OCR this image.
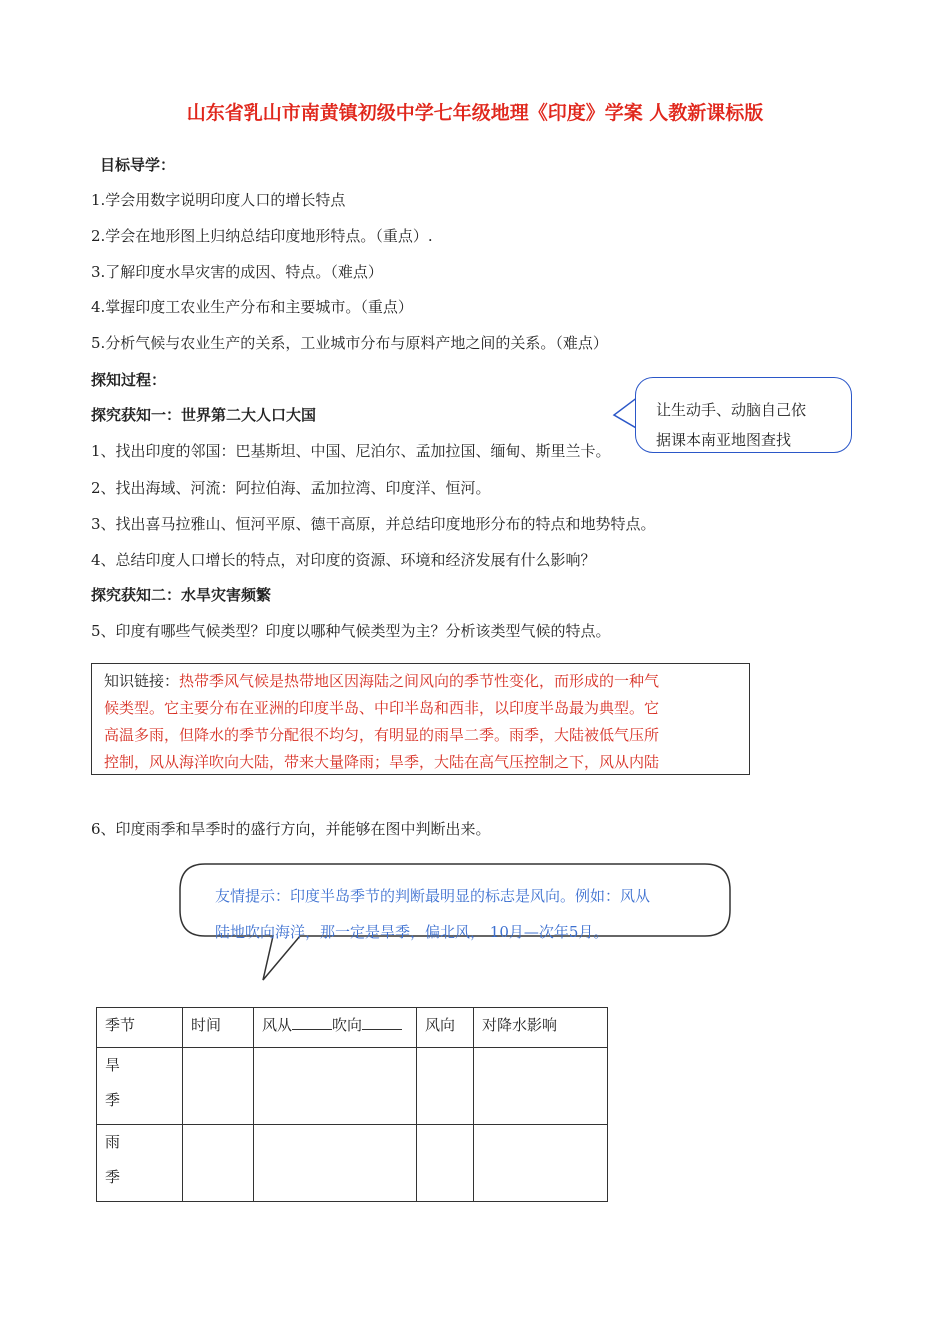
山东省乳山市南黄镇初级中学七年级地理《印度》学案 人教新课标版
目标导学：
1.学会用数字说明印度人口的增长特点
2.学会在地形图上归纳总结印度地形特点。（重点）.
3.了解印度水旱灾害的成因、特点。（难点）
4.掌握印度工农业生产分布和主要城市。（重点）
5.分析气候与农业生产的关系，工业城市分布与原料产地之间的关系。（难点）
探知过程：
探究获知一：世界第二大人口大国
1、找出印度的邻国：巴基斯坦、中国、尼泊尔、孟加拉国、缅甸、斯里兰卡。
2、找出海域、河流：阿拉伯海、孟加拉湾、印度洋、恒河。
3、找出喜马拉雅山、恒河平原、德干高原，并总结印度地形分布的特点和地势特点。
4、总结印度人口增长的特点，对印度的资源、环境和经济发展有什么影响？
让生动手、动脑自己依
据课本南亚地图查找
探究获知二：水旱灾害频繁
5、印度有哪些气候类型？印度以哪种气候类型为主？分析该类型气候的特点。
知识链接：热带季风气候是热带地区因海陆之间风向的季节性变化，而形成的一种气
候类型。它主要分布在亚洲的印度半岛、中印半岛和西非，以印度半岛最为典型。它
高温多雨，但降水的季节分配很不均匀，有明显的雨旱二季。雨季，大陆被低气压所
控制，风从海洋吹向大陆，带来大量降雨；旱季，大陆在高气压控制之下，风从内陆
6、印度雨季和旱季时的盛行方向，并能够在图中判断出来。
友情提示：印度半岛季节的判断最明显的标志是风向。例如：风从
陆地吹向海洋，那一定是旱季，偏北风， 10月—次年5月。
季节	时间	风从 吹向	风向	对降水影响

旱
季				

雨
季				
